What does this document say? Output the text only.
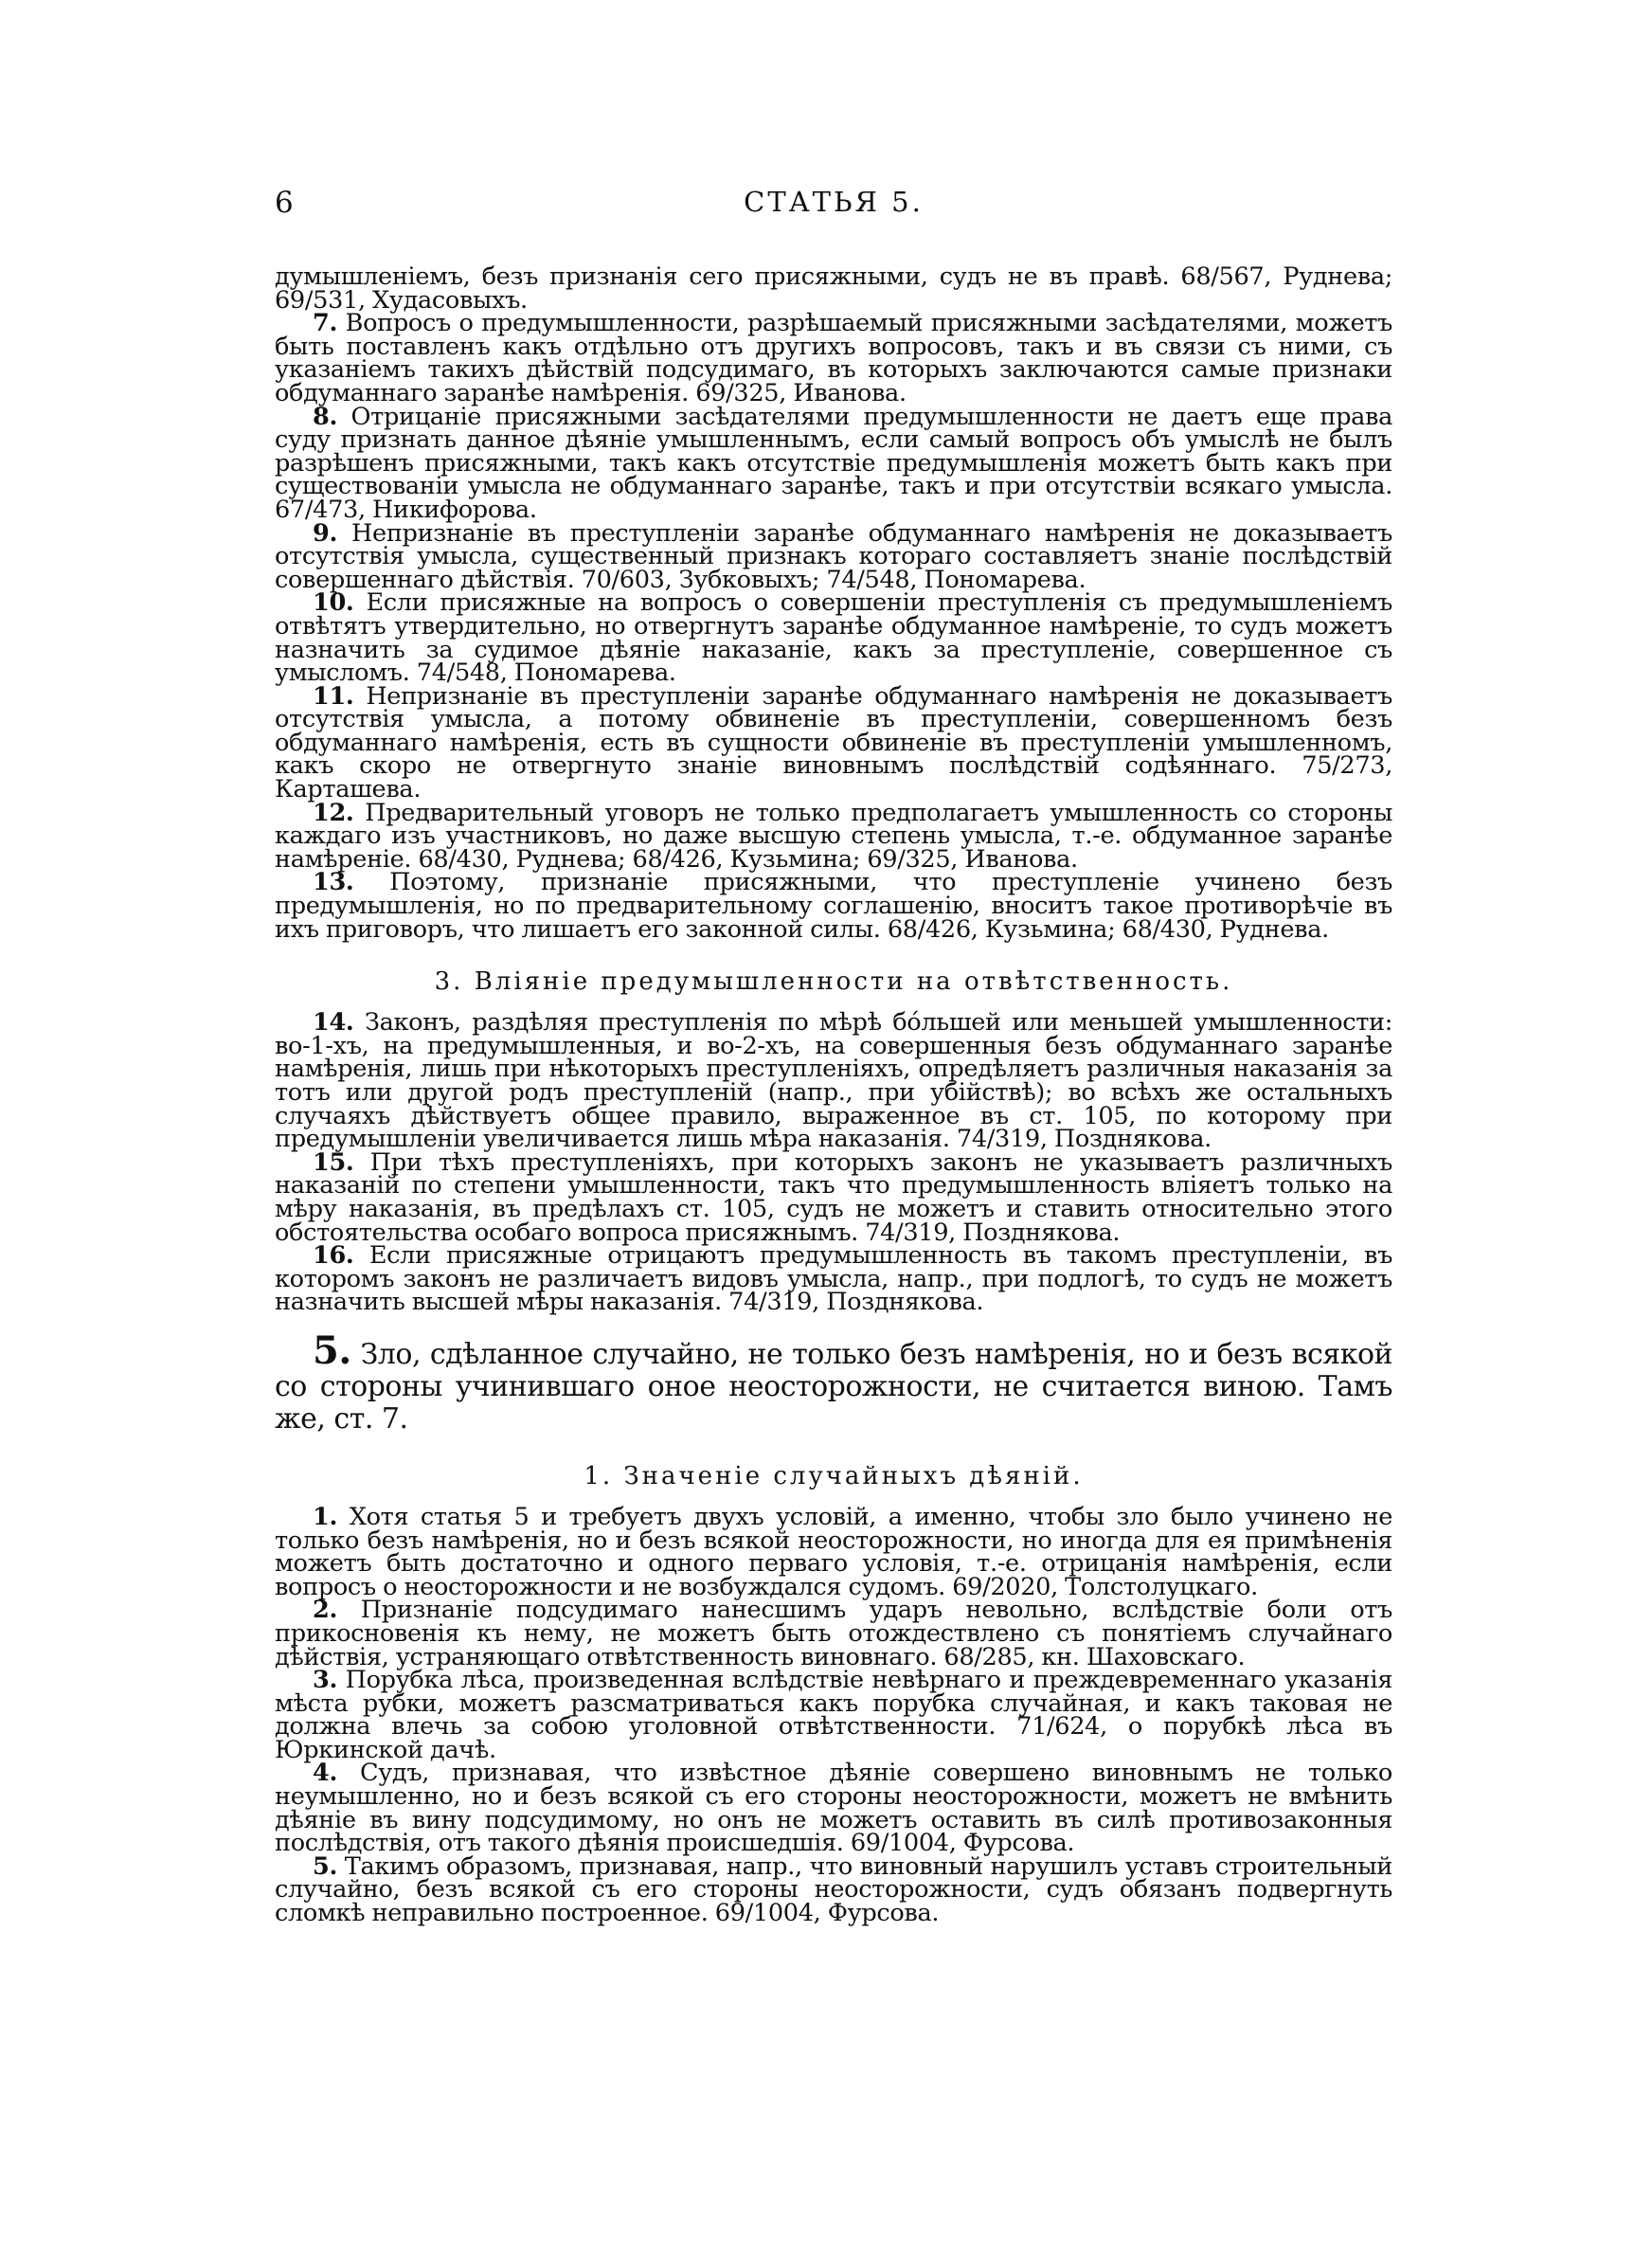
6	СТАТЬЯ 5.

думышленіемъ, безъ признанія сего присяжными, судъ не въ правѣ. 68/567, Руднева; 69/531, Худасовыхъ.

7. Вопросъ о предумышленности, разрѣшаемый присяжными засѣдателями, можетъ быть поставленъ какъ отдѣльно отъ другихъ вопросовъ, такъ и въ связи съ ними, съ указаніемъ такихъ дѣйствій подсудимаго, въ которыхъ заключаются самые признаки обдуманнаго заранѣе намѣренія. 69/325, Иванова.

8. Отрицаніе присяжными засѣдателями предумышленности не даетъ еще права суду признать данное дѣяніе умышленнымъ, если самый вопросъ объ умыслѣ не былъ разрѣшенъ присяжными, такъ какъ отсутствіе предумышленія можетъ быть какъ при существованіи умысла не обдуманнаго заранѣе, такъ и при отсутствіи всякаго умысла. 67/473, Никифорова.

9. Непризнаніе въ преступленіи заранѣе обдуманнаго намѣренія не доказываетъ отсутствія умысла, существенный признакъ котораго составляетъ знаніе послѣдствій совершеннаго дѣйствія. 70/603, Зубковыхъ; 74/548, Пономарева.

10. Если присяжные на вопросъ о совершеніи преступленія съ предумышленіемъ отвѣтятъ утвердительно, но отвергнутъ заранѣе обдуманное намѣреніе, то судъ можетъ назначить за судимое дѣяніе наказаніе, какъ за преступленіе, совершенное съ умысломъ. 74/548, Пономарева.

11. Непризнаніе въ преступленіи заранѣе обдуманнаго намѣренія не доказываетъ отсутствія умысла, а потому обвиненіе въ преступленіи, совершенномъ безъ обдуманнаго намѣренія, есть въ сущности обвиненіе въ преступленіи умышленномъ, какъ скоро не отвергнуто знаніе виновнымъ послѣдствій содѣяннаго. 75/273, Карташева.

12. Предварительный уговоръ не только предполагаетъ умышленность со стороны каждаго изъ участниковъ, но даже высшую степень умысла, т.-е. обдуманное заранѣе намѣреніе. 68/430, Руднева; 68/426, Кузьмина; 69/325, Иванова.

13. Поэтому, признаніе присяжными, что преступленіе учинено безъ предумышленія, но по предварительному соглашенію, вноситъ такое противорѣчіе въ ихъ приговоръ, что лишаетъ его законной силы. 68/426, Кузьмина; 68/430, Руднева.

3. Вліяніе предумышленности на отвѣтственность.

14. Законъ, раздѣляя преступленія по мѣрѣ бóльшей или меньшей умышленности: во-1-хъ, на предумышленныя, и во-2-хъ, на совершенныя безъ обдуманнаго заранѣе намѣренія, лишь при нѣкоторыхъ преступленіяхъ, опредѣляетъ различныя наказанія за тотъ или другой родъ преступленій (напр., при убійствѣ); во всѣхъ же остальныхъ случаяхъ дѣйствуетъ общее правило, выраженное въ ст. 105, по которому при предумышленіи увеличивается лишь мѣра наказанія. 74/319, Позднякова.

15. При тѣхъ преступленіяхъ, при которыхъ законъ не указываетъ различныхъ наказаній по степени умышленности, такъ что предумышленность вліяетъ только на мѣру наказанія, въ предѣлахъ ст. 105, судъ не можетъ и ставить относительно этого обстоятельства особаго вопроса присяжнымъ. 74/319, Позднякова.

16. Если присяжные отрицаютъ предумышленность въ такомъ преступленіи, въ которомъ законъ не различаетъ видовъ умысла, напр., при подлогѣ, то судъ не можетъ назначить высшей мѣры наказанія. 74/319, Позднякова.

5. Зло, сдѣланное случайно, не только безъ намѣренія, но и безъ всякой со стороны учинившаго оное неосторожности, не считается виною. Тамъ же, ст. 7.

1. Значеніе случайныхъ дѣяній.

1. Хотя статья 5 и требуетъ двухъ условій, а именно, чтобы зло было учинено не только безъ намѣренія, но и безъ всякой неосторожности, но иногда для ея примѣненія можетъ быть достаточно и одного перваго условія, т.-е. отрицанія намѣренія, если вопросъ о неосторожности и не возбуждался судомъ. 69/2020, Толстолуцкаго.

2. Признаніе подсудимаго нанесшимъ ударъ невольно, вслѣдствіе боли отъ прикосновенія къ нему, не можетъ быть отождествлено съ понятіемъ случайнаго дѣйствія, устраняющаго отвѣтственность виновнаго. 68/285, кн. Шаховскаго.

3. Порубка лѣса, произведенная вслѣдствіе невѣрнаго и преждевременнаго указанія мѣста рубки, можетъ разсматриваться какъ порубка случайная, и какъ таковая не должна влечь за собою уголовной отвѣтственности. 71/624, о порубкѣ лѣса въ Юркинской дачѣ.

4. Судъ, признавая, что извѣстное дѣяніе совершено виновнымъ не только неумышленно, но и безъ всякой съ его стороны неосторожности, можетъ не вмѣнить дѣяніе въ вину подсудимому, но онъ не можетъ оставить въ силѣ противозаконныя послѣдствія, отъ такого дѣянія происшедшія. 69/1004, Фурсова.

5. Такимъ образомъ, признавая, напр., что виновный нарушилъ уставъ строительный случайно, безъ всякой съ его стороны неосторожности, судъ обязанъ подвергнуть сломкѣ неправильно построенное. 69/1004, Фурсова.
